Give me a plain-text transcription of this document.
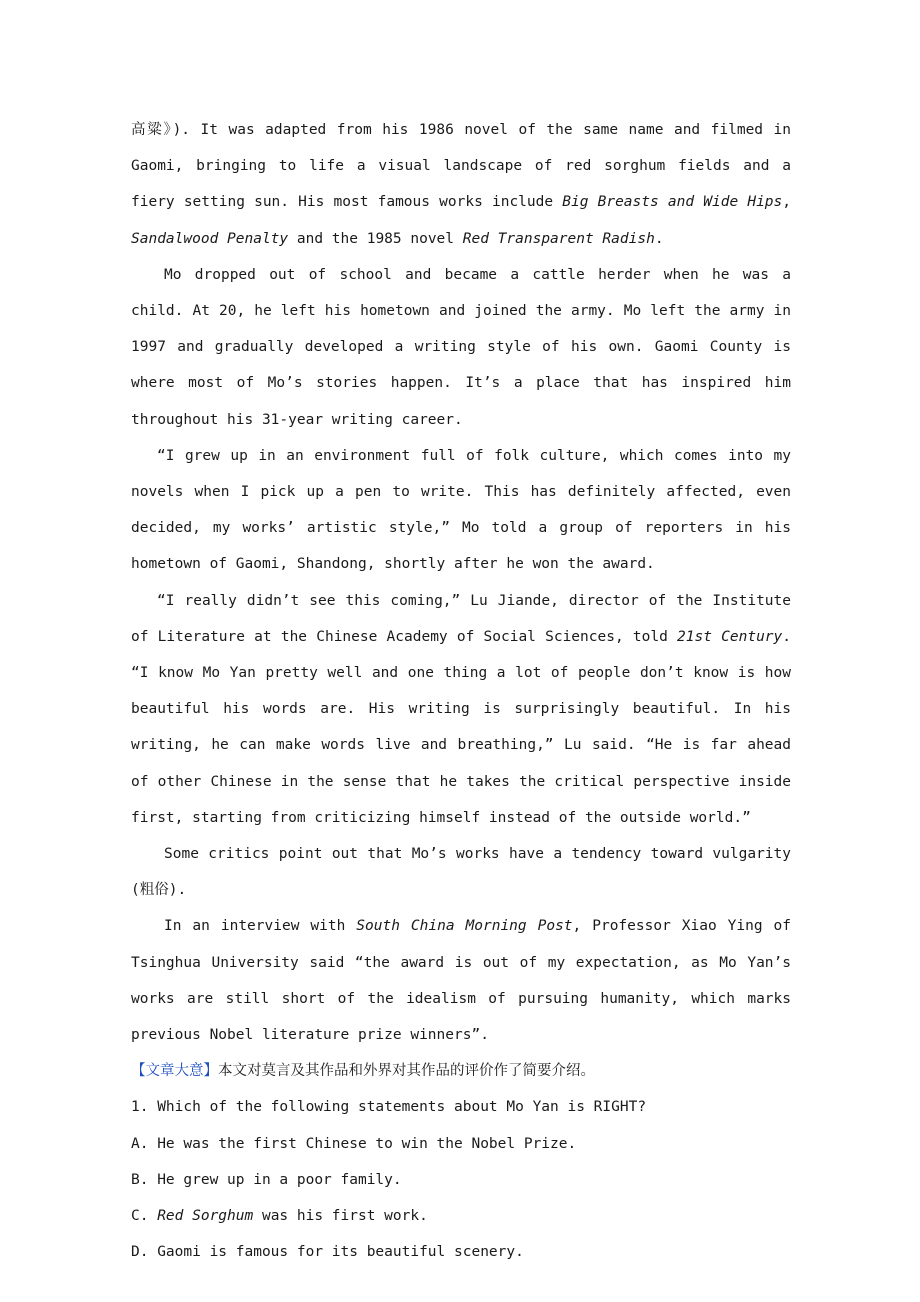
高粱》). It was adapted from his 1986 novel of the same name and filmed in Gaomi, bringing to life a visual landscape of red sorghum fields and a fiery setting sun. His most famous works include Big Breasts and Wide Hips, Sandalwood Penalty and the 1985 novel Red Transparent Radish.

Mo dropped out of school and became a cattle herder when he was a child. At 20, he left his hometown and joined the army. Mo left the army in 1997 and gradually developed a writing style of his own. Gaomi County is where most of Mo’s stories happen. It’s a place that has inspired him throughout his 31-year writing career.

“I grew up in an environment full of folk culture, which comes into my novels when I pick up a pen to write. This has definitely affected, even decided, my works’ artistic style,” Mo told a group of reporters in his hometown of Gaomi, Shandong, shortly after he won the award.

“I really didn’t see this coming,” Lu Jiande, director of the Institute of Literature at the Chinese Academy of Social Sciences, told 21st Century. “I know Mo Yan pretty well and one thing a lot of people don’t know is how beautiful his words are. His writing is surprisingly beautiful. In his writing, he can make words live and breathing,” Lu said. “He is far ahead of other Chinese in the sense that he takes the critical perspective inside first, starting from criticizing himself instead of the outside world.”

Some critics point out that Mo’s works have a tendency toward vulgarity (粗俗).

In an interview with South China Morning Post, Professor Xiao Ying of Tsinghua University said “the award is out of my expectation, as Mo Yan’s works are still short of the idealism of pursuing humanity, which marks previous Nobel literature prize winners”.

【文章大意】本文对莫言及其作品和外界对其作品的评价作了简要介绍。

1. Which of the following statements about Mo Yan is RIGHT?

A. He was the first Chinese to win the Nobel Prize.

B. He grew up in a poor family.

C. Red Sorghum was his first work.

D. Gaomi is famous for its beautiful scenery.
